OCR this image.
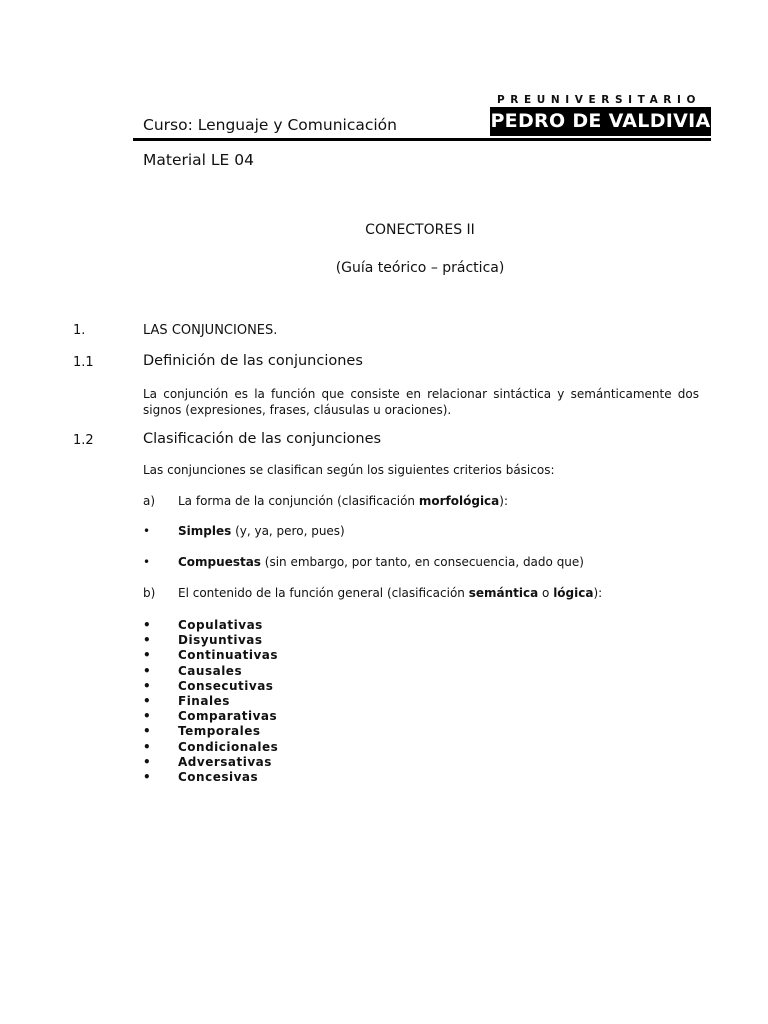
PREUNIVERSITARIO
PEDRO DE VALDIVIA
Curso: Lenguaje y Comunicación
Material LE 04
CONECTORES II
(Guía teórico – práctica)
1.	LAS CONJUNCIONES.
1.1	Definición de las conjunciones
La conjunción es la función que consiste en relacionar sintáctica y semánticamente dos signos (expresiones, frases, cláusulas u oraciones).
1.2	Clasificación de las conjunciones
Las conjunciones se clasifican según los siguientes criterios básicos:
a) La forma de la conjunción (clasificación morfológica):
• Simples (y, ya, pero, pues)
• Compuestas (sin embargo, por tanto, en consecuencia, dado que)
b) El contenido de la función general (clasificación semántica o lógica):
• Copulativas
• Disyuntivas
• Continuativas
• Causales
• Consecutivas
• Finales
• Comparativas
• Temporales
• Condicionales
• Adversativas
• Concesivas
